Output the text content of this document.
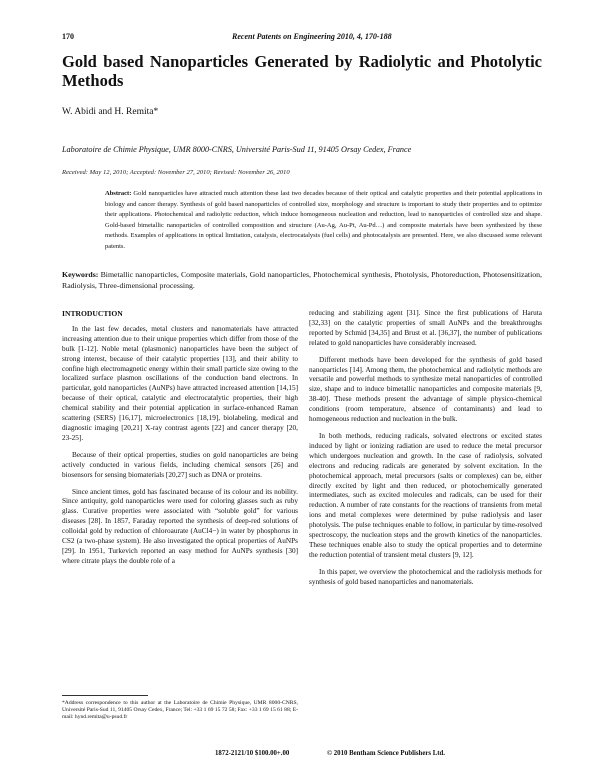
170	Recent Patents on Engineering 2010, 4, 170-188
Gold based Nanoparticles Generated by Radiolytic and Photolytic Methods
W. Abidi and H. Remita*
Laboratoire de Chimie Physique, UMR 8000-CNRS, Université Paris-Sud 11, 91405 Orsay Cedex, France
Received: May 12, 2010; Accepted: November 27, 2010; Revised: November 26, 2010
Abstract: Gold nanoparticles have attracted much attention these last two decades because of their optical and catalytic properties and their potential applications in biology and cancer therapy. Synthesis of gold based nanoparticles of controlled size, morphology and structure is important to study their properties and to optimize their applications. Photochemical and radiolytic reduction, which induce homogeneous nucleation and reduction, lead to nanoparticles of controlled size and shape. Gold-based bimetallic nanoparticles of controlled composition and structure (Au-Ag, Au-Pt, Au-Pd…) and composite materials have been synthesized by these methods. Examples of applications in optical limitation, catalysis, electrocatalysis (fuel cells) and photocatalysis are presented. Here, we also discussed some relevant patents.
Keywords: Bimetallic nanoparticles, Composite materials, Gold nanoparticles, Photochemical synthesis, Photolysis, Photoreduction, Photosensitization, Radiolysis, Three-dimensional processing.
INTRODUCTION

In the last few decades, metal clusters and nanomaterials have attracted increasing attention due to their unique properties which differ from those of the bulk [1-12]. Noble metal (plasmonic) nanoparticles have been the subject of strong interest, because of their catalytic properties [13], and their ability to confine high electromagnetic energy within their small particle size owing to the localized surface plasmon oscillations of the conduction band electrons. In particular, gold nanoparticles (AuNPs) have attracted increased attention [14,15] because of their optical, catalytic and electrocatalytic properties, their high chemical stability and their potential application in surface-enhanced Raman scattering (SERS) [16,17], microelectronics [18,19], biolabeling, medical and diagnostic imaging [20,21] X-ray contrast agents [22] and cancer therapy [20, 23-25].

Because of their optical properties, studies on gold nanoparticles are being actively conducted in various fields, including chemical sensors [26] and biosensors for sensing biomaterials [20,27] such as DNA or proteins.

Since ancient times, gold has fascinated because of its colour and its nobility. Since antiquity, gold nanoparticles were used for coloring glasses such as ruby glass. Curative properties were associated with “soluble gold” for various diseases [28]. In 1857, Faraday reported the synthesis of deep-red solutions of colloidal gold by reduction of chloroaurate (AuCl4−) in water by phosphorus in CS2 (a two-phase system). He also investigated the optical properties of AuNPs [29]. In 1951, Turkevich reported an easy method for AuNPs synthesis [30] where citrate plays the double role of a

reducing and stabilizing agent [31]. Since the first publications of Haruta [32,33] on the catalytic properties of small AuNPs and the breakthroughs reported by Schmid [34,35] and Brust et al. [36,37], the number of publications related to gold nanoparticles have considerably increased.

Different methods have been developed for the synthesis of gold based nanoparticles [14]. Among them, the photochemical and radiolytic methods are versatile and powerful methods to synthesize metal nanoparticles of controlled size, shape and to induce bimetallic nanoparticles and composite materials [9, 38-40]. These methods present the advantage of simple physico-chemical conditions (room temperature, absence of contaminants) and lead to homogeneous reduction and nucleation in the bulk.

In both methods, reducing radicals, solvated electrons or excited states induced by light or ionizing radiation are used to reduce the metal precursor which undergoes nucleation and growth. In the case of radiolysis, solvated electrons and reducing radicals are generated by solvent excitation. In the photochemical approach, metal precursors (salts or complexes) can be, either directly excited by light and then reduced, or photochemically generated intermediates, such as excited molecules and radicals, can be used for their reduction. A number of rate constants for the reactions of transients from metal ions and metal complexes were determined by pulse radiolysis and laser photolysis. The pulse techniques enable to follow, in particular by time-resolved spectroscopy, the nucleation steps and the growth kinetics of the nanoparticles. These techniques enable also to study the optical properties and to determine the reduction potential of transient metal clusters [9, 12].

In this paper, we overview the photochemical and the radiolysis methods for synthesis of gold based nanoparticles and nanomaterials.

*Address correspondence to this author at the Laboratoire de Chimie Physique, UMR 8000-CNRS, Université Paris-Sud 11, 91405 Orsay Cedex, France; Tel: +33 1 69 15 72 58; Fax: +33 1 69 15 61 88; E-mail: hynd.remita@u-psud.fr
1872-2121/10 $100.00+.00	© 2010 Bentham Science Publishers Ltd.
